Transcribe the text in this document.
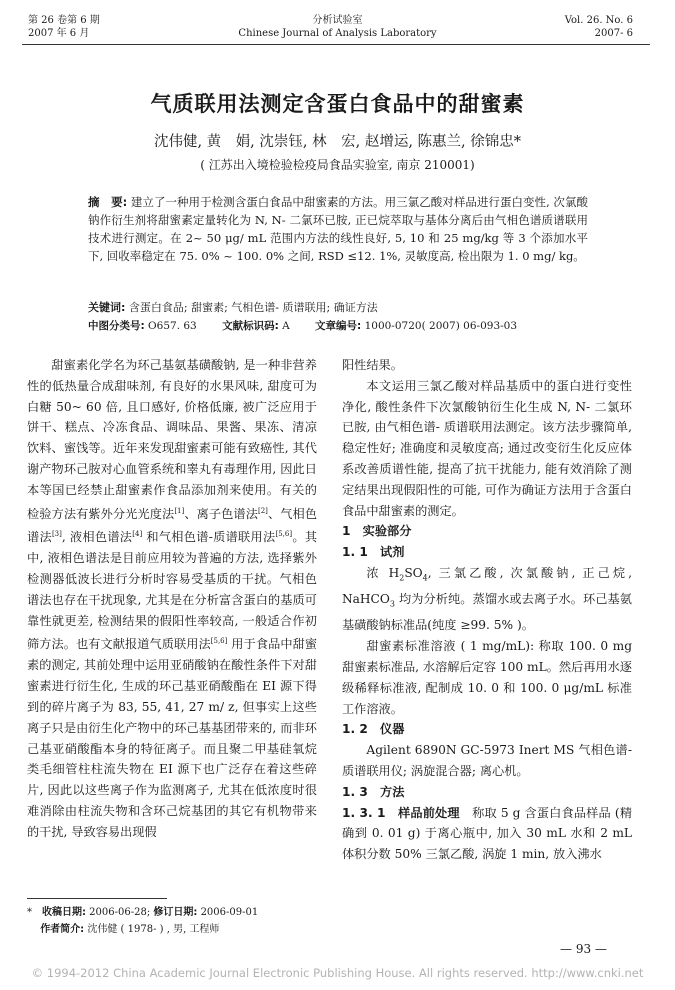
第 26 卷第 6 期
2007 年 6 月
分析试验室
Chinese Journal of Analysis Laboratory
Vol. 26. No. 6
2007- 6
气质联用法测定含蛋白食品中的甜蜜素
沈伟健, 黄　娟, 沈崇钰, 林　宏, 赵增运, 陈惠兰, 徐锦忠*
( 江苏出入境检验检疫局食品实验室, 南京 210001)
摘　要: 建立了一种用于检测含蛋白食品中甜蜜素的方法。用三氯乙酸对样品进行蛋白变性, 次氯酸钠作衍生剂将甜蜜素定量转化为 N, N- 二氯环已胺, 正已烷萃取与基体分离后由气相色谱质谱联用技术进行测定。在 2~ 50 μg/ mL 范围内方法的线性良好, 5, 10 和 25 mg/kg 等 3 个添加水平下, 回收率稳定在 75. 0% ~ 100. 0% 之间, RSD ≤12. 1%, 灵敏度高, 检出限为 1. 0 mg/ kg。
关键词: 含蛋白食品; 甜蜜素; 气相色谱- 质谱联用; 确证方法
中图分类号: O657. 63 文献标识码: A 文章编号: 1000-0720( 2007) 06-093-03

甜蜜素化学名为环己基氨基磺酸钠, 是一种非营养性的低热量合成甜味剂, 有良好的水果风味, 甜度可为白糖 50~ 60 倍, 且口感好, 价格低廉, 被广泛应用于饼干、糕点、冷冻食品、调味品、果酱、果冻、清凉饮料、蜜饯等。近年来发现甜蜜素可能有致癌性, 其代谢产物环己胺对心血管系统和睾丸有毒理作用, 因此日本等国已经禁止甜蜜素作食品添加剂来使用。有关的检验方法有紫外分光光度法[1]、离子色谱法[2]、气相色谱法[3], 液相色谱法[4] 和气相色谱-质谱联用法[5,6]。其中, 液相色谱法是目前应用较为普遍的方法, 选择紫外检测器低波长进行分析时容易受基质的干扰。气相色谱法也存在干扰现象, 尤其是在分析富含蛋白的基质可靠性就更差, 检测结果的假阳性率较高, 一般适合作初筛方法。也有文献报道气质联用法[5,6] 用于食品中甜蜜素的测定, 其前处理中运用亚硝酸钠在酸性条件下对甜蜜素进行衍生化, 生成的环己基亚硝酸酯在 EI 源下得到的碎片离子为 83, 55, 41, 27 m/ z, 但事实上这些离子只是由衍生化产物中的环己基基团带来的, 而非环己基亚硝酸酯本身的特征离子。而且聚二甲基硅氧烷类毛细管柱柱流失物在 EI 源下也广泛存在着这些碎片, 因此以这些离子作为监测离子, 尤其在低浓度时很难消除由柱流失物和含环己烷基团的其它有机物带来的干扰, 导致容易出现假

阳性结果。

本文运用三氯乙酸对样品基质中的蛋白进行变性净化, 酸性条件下次氯酸钠衍生化生成 N, N- 二氯环已胺, 由气相色谱- 质谱联用法测定。该方法步骤简单, 稳定性好; 准确度和灵敏度高; 通过改变衍生化反应体系改善质谱性能, 提高了抗干扰能力, 能有效消除了测定结果出现假阳性的可能, 可作为确证方法用于含蛋白食品中甜蜜素的测定。

1　实验部分

1. 1　试剂

浓 $H_2SO_4$, 三氯乙酸, 次氯酸钠, 正己烷, NaHCO$_3$ 均为分析纯。蒸馏水或去离子水。环己基氨基磺酸钠标准品(纯度 ≥99. 5% )。

甜蜜素标准溶液 ( 1 mg/mL): 称取 100. 0 mg 甜蜜素标准品, 水溶解后定容 100 mL。然后再用水逐级稀释标准液, 配制成 10. 0 和 100. 0 μg/mL 标准工作溶液。

1. 2　仪器

Agilent 6890N GC-5973 Inert MS 气相色谱- 质谱联用仪; 涡旋混合器; 离心机。

1. 3　方法

1. 3. 1　样品前处理　称取 5 g 含蛋白食品样品 (精确到 0. 01 g) 于离心瓶中, 加入 30 mL 水和 2 mL 体积分数 50% 三氯乙酸, 涡旋 1 min, 放入沸水

*　 收稿日期: 2006-06-28; 修订日期: 2006-09-01
　 作者简介: 沈伟健 ( 1978- ) , 男, 工程师
— 93 —
© 1994-2012 China Academic Journal Electronic Publishing House. All rights reserved. http://www.cnki.net
